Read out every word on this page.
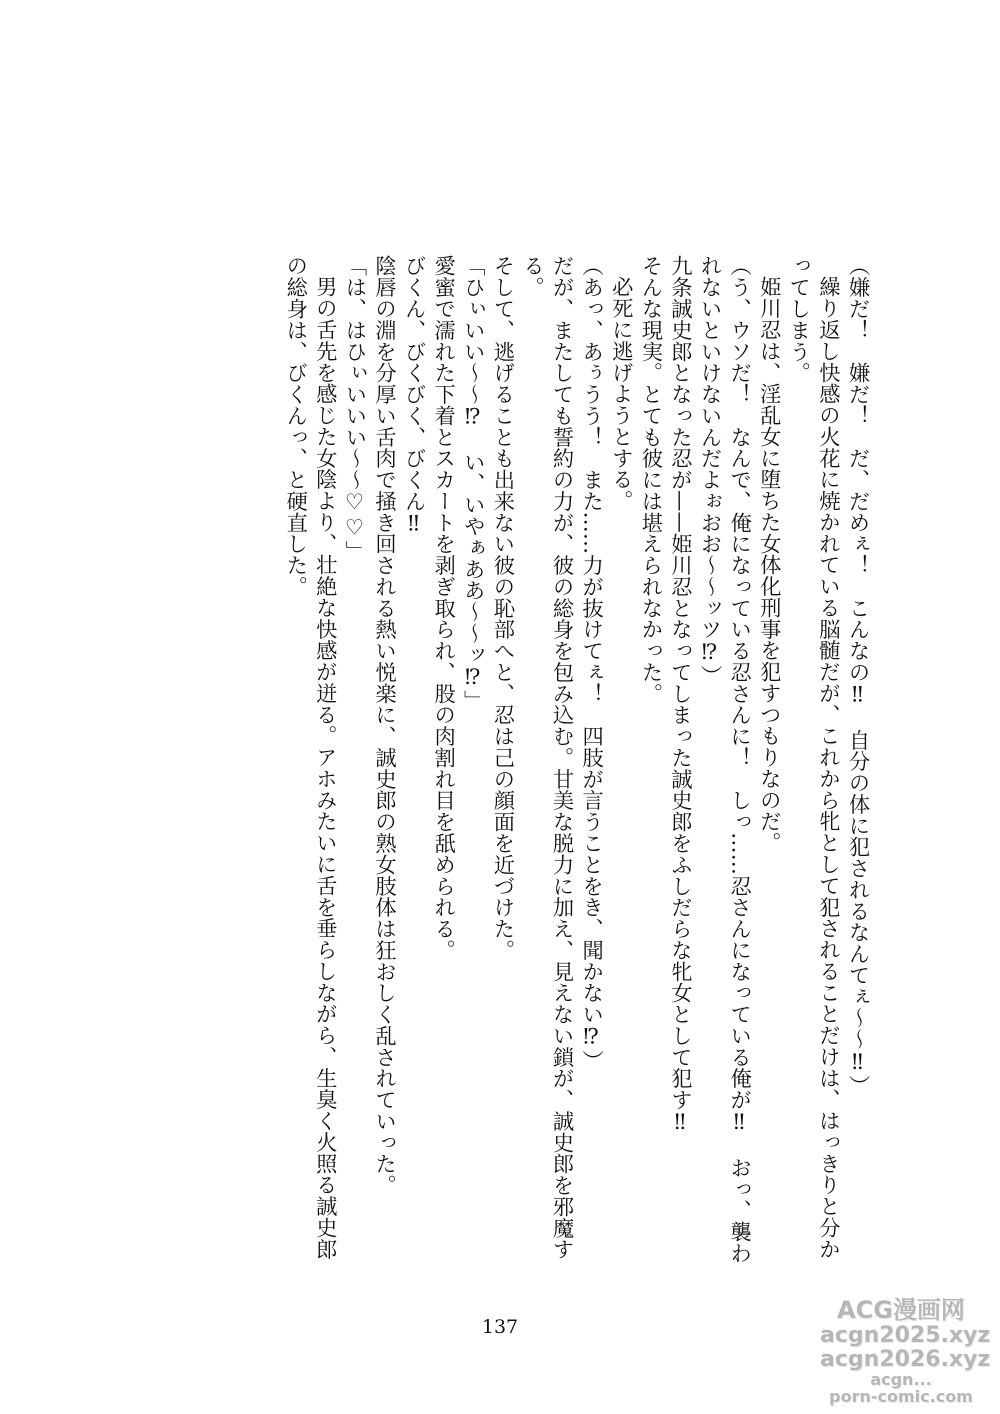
（嫌だ！　嫌だ！　だ、だめぇ！　こんなの‼　自分の体に犯されるなんてぇ〜〜‼）

繰り返し快感の火花に焼かれている脳髄だが、これから牝として犯されることだけは、はっきりと分かってしまう。

姫川忍は、淫乱女に堕ちた女体化刑事を犯すつもりなのだ。

（う、ウソだ！　なんで、俺になっている忍さんに！　しっ……忍さんになっている俺が‼　おっ、襲われないといけないんだよぉおお〜〜ッツ⁉）

九条誠史郎となった忍が——姫川忍となってしまった誠史郎をふしだらな牝女として犯す‼

そんな現実。とても彼には堪えられなかった。

必死に逃げようとする。

（あっ、あぅうう！　また……力が抜けてぇ！　四肢が言うことをき、聞かない⁉）

だが、またしても誓約の力が、彼の総身を包み込む。甘美な脱力に加え、見えない鎖が、誠史郎を邪魔する。

そして、逃げることも出来ない彼の恥部へと、忍は己の顔面を近づけた。

「ひぃいい〜〜⁉　い、いやぁああ〜〜ッ⁉」

愛蜜で濡れた下着とスカートを剥ぎ取られ、股の肉割れ目を舐められる。

びくん、びくびく、びくん‼

陰唇の淵を分厚い舌肉で掻き回される熱い悦楽に、誠史郎の熟女肢体は狂おしく乱されていった。

「は、はひぃいいい〜〜♡♡」

男の舌先を感じた女陰より、壮絶な快感が迸る。アホみたいに舌を垂らしながら、生臭く火照る誠史郎の総身は、びくんっ、と硬直した。

137
ACG漫画网
acgn2025.xyz
acgn2026.xyz
acgn...
porn-comic.com
